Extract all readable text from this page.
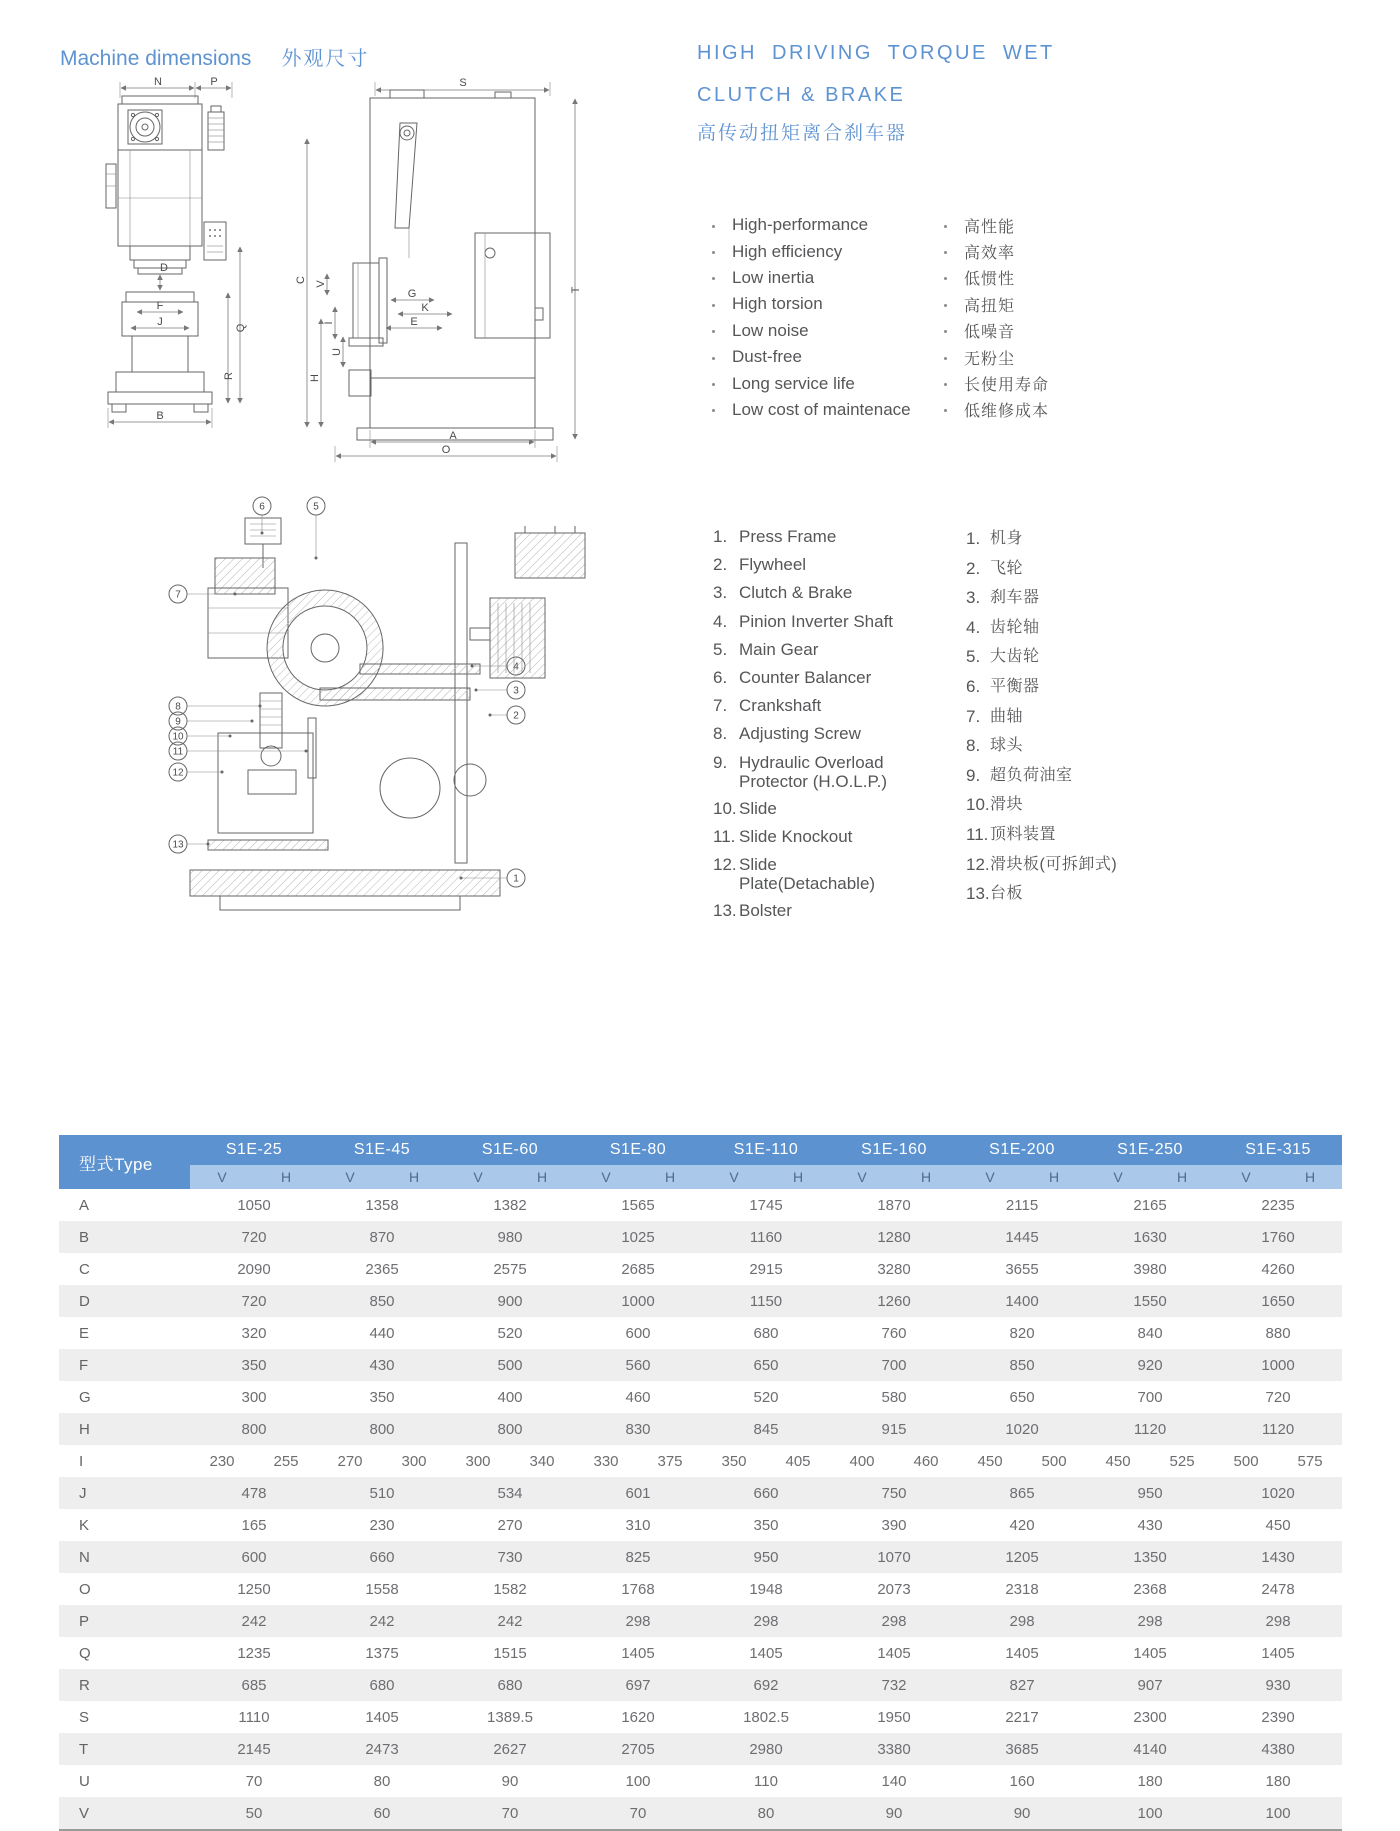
Machine dimensions 外观尺寸	HIGH DRIVING TORQUE WET
CLUTCH & BRAKE
高传动扭矩离合刹车器
N	P
D
F
J	Q
R
B
S
T
C
V
G
K
E
I
U
H
A
O
6	5
7
8
9
10
11
12
13
4
3
2
1
High-performance	高性能
High efficiency	高效率
Low inertia	低惯性
High torsion	高扭矩
Low noise	低噪音
Dust-free	无粉尘
Long service life	长使用寿命
Low cost of maintenace	低维修成本
1. Press Frame
2. Flywheel
3. Clutch & Brake
4. Pinion Inverter Shaft
5. Main Gear
6. Counter Balancer
7. Crankshaft
8. Adjusting Screw
9. Hydraulic Overload Protector (H.O.L.P.)
10. Slide
11. Slide Knockout
12. Slide Plate(Detachable)
13. Bolster
1. 机身
2. 飞轮
3. 刹车器
4. 齿轮轴
5. 大齿轮
6. 平衡器
7. 曲轴
8. 球头
9. 超负荷油室
10. 滑块
11. 顶料装置
12. 滑块板(可拆卸式)
13. 台板
型式Type	S1E-25		S1E-45		S1E-60		S1E-80		S1E-110		S1E-160		S1E-200		S1E-250		S1E-315	
	V	H	V	H	V	H	V	H	V	H	V	H	V	H	V	H	V	H
A	1050		1358		1382		1565		1745		1870		2115		2165		2235	
B	720		870		980		1025		1160		1280		1445		1630		1760	
C	2090		2365		2575		2685		2915		3280		3655		3980		4260	
D	720		850		900		1000		1150		1260		1400		1550		1650	
E	320		440		520		600		680		760		820		840		880	
F	350		430		500		560		650		700		850		920		1000	
G	300		350		400		460		520		580		650		700		720	
H	800		800		800		830		845		915		1020		1120		1120	
I	230	255	270	300	300	340	330	375	350	405	400	460	450	500	450	525	500	575
J	478		510		534		601		660		750		865		950		1020	
K	165		230		270		310		350		390		420		430		450	
N	600		660		730		825		950		1070		1205		1350		1430	
O	1250		1558		1582		1768		1948		2073		2318		2368		2478	
P	242		242		242		298		298		298		298		298		298	
Q	1235		1375		1515		1405		1405		1405		1405		1405		1405	
R	685		680		680		697		692		732		827		907		930	
S	1110		1405		1389.5		1620		1802.5		1950		2217		2300		2390	
T	2145		2473		2627		2705		2980		3380		3685		4140		4380	
U	70		80		90		100		110		140		160		180		180	
V	50		60		70		70		80		90		90		100		100	
